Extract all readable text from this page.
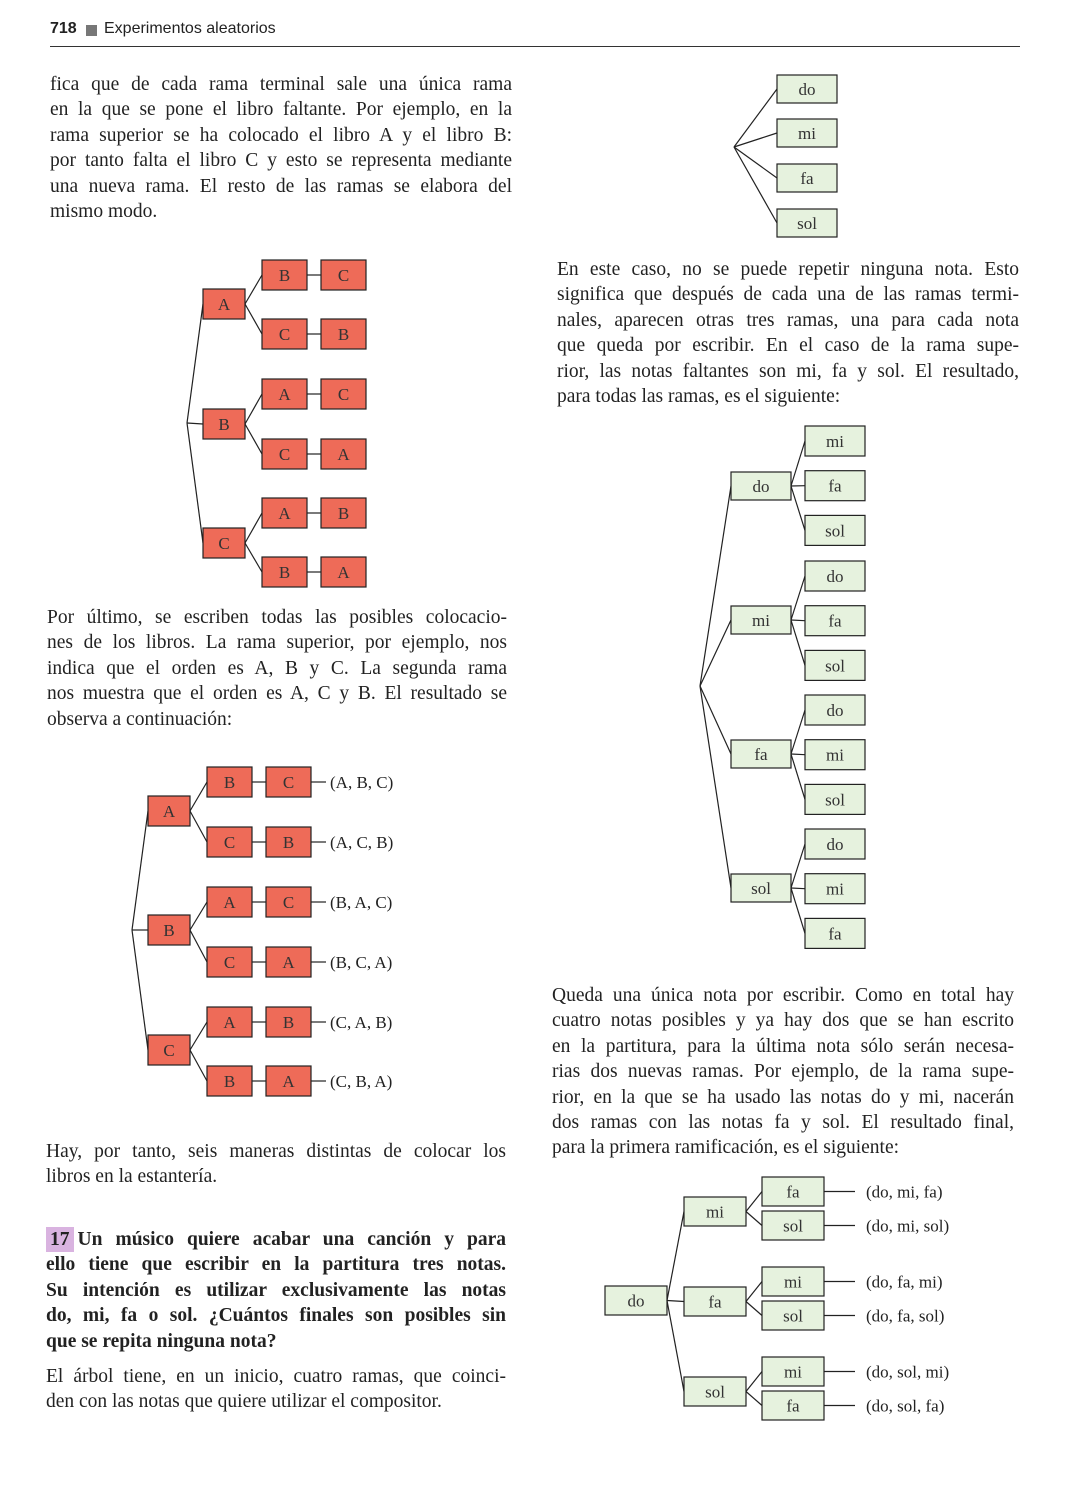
718 Experimentos aleatorios
fica que de cada rama terminal sale una única rama
en la que se pone el libro faltante. Por ejemplo, en la
rama superior se ha colocado el libro A y el libro B:
por tanto falta el libro C y esto se representa mediante
una nueva rama. El resto de las ramas se elabora del
mismo modo.
Por último, se escriben todas las posibles colocacio-
nes de los libros. La rama superior, por ejemplo, nos
indica que el orden es A, B y C. La segunda rama
nos muestra que el orden es A, C y B. El resultado se
observa a continuación:
Hay, por tanto, seis maneras distintas de colocar los
libros en la estantería.
17 Un músico quiere acabar una canción y para
ello tiene que escribir en la partitura tres notas.
Su intención es utilizar exclusivamente las notas
do, mi, fa o sol. ¿Cuántos finales son posibles sin
que se repita ninguna nota?
El árbol tiene, en un inicio, cuatro ramas, que coinci-
den con las notas que quiere utilizar el compositor.
En este caso, no se puede repetir ninguna nota. Esto
significa que después de cada una de las ramas termi-
nales, aparecen otras tres ramas, una para cada nota
que queda por escribir. En el caso de la rama supe-
rior, las notas faltantes son mi, fa y sol. El resultado,
para todas las ramas, es el siguiente:
Queda una única nota por escribir. Como en total hay
cuatro notas posibles y ya hay dos que se han escrito
en la partitura, para la última nota sólo serán necesa-
rias dos nuevas ramas. Por ejemplo, de la rama supe-
rior, en la que se ha usado las notas do y mi, nacerán
dos ramas con las notas fa y sol. El resultado final,
para la primera ramificación, es el siguiente:
A
B	C
C	B
B
A	C
C	A
C
A	B
B	A
A
B	C (A, B, C)
C	B (A, C, B)
B
A	C (B, A, C)
C	A (B, C, A)
C
A	B (C, A, B)
B	A (C, B, A)
do
mi
fa
sol
do
mi
fa
sol
mi
do
fa
sol
fa
do
mi
sol
sol
do
mi
fa
do
mi
fa	(do, mi, fa)
sol	(do, mi, sol)
fa
mi	(do, fa, mi)
sol	(do, fa, sol)
sol
mi	(do, sol, mi)
fa	(do, sol, fa)
